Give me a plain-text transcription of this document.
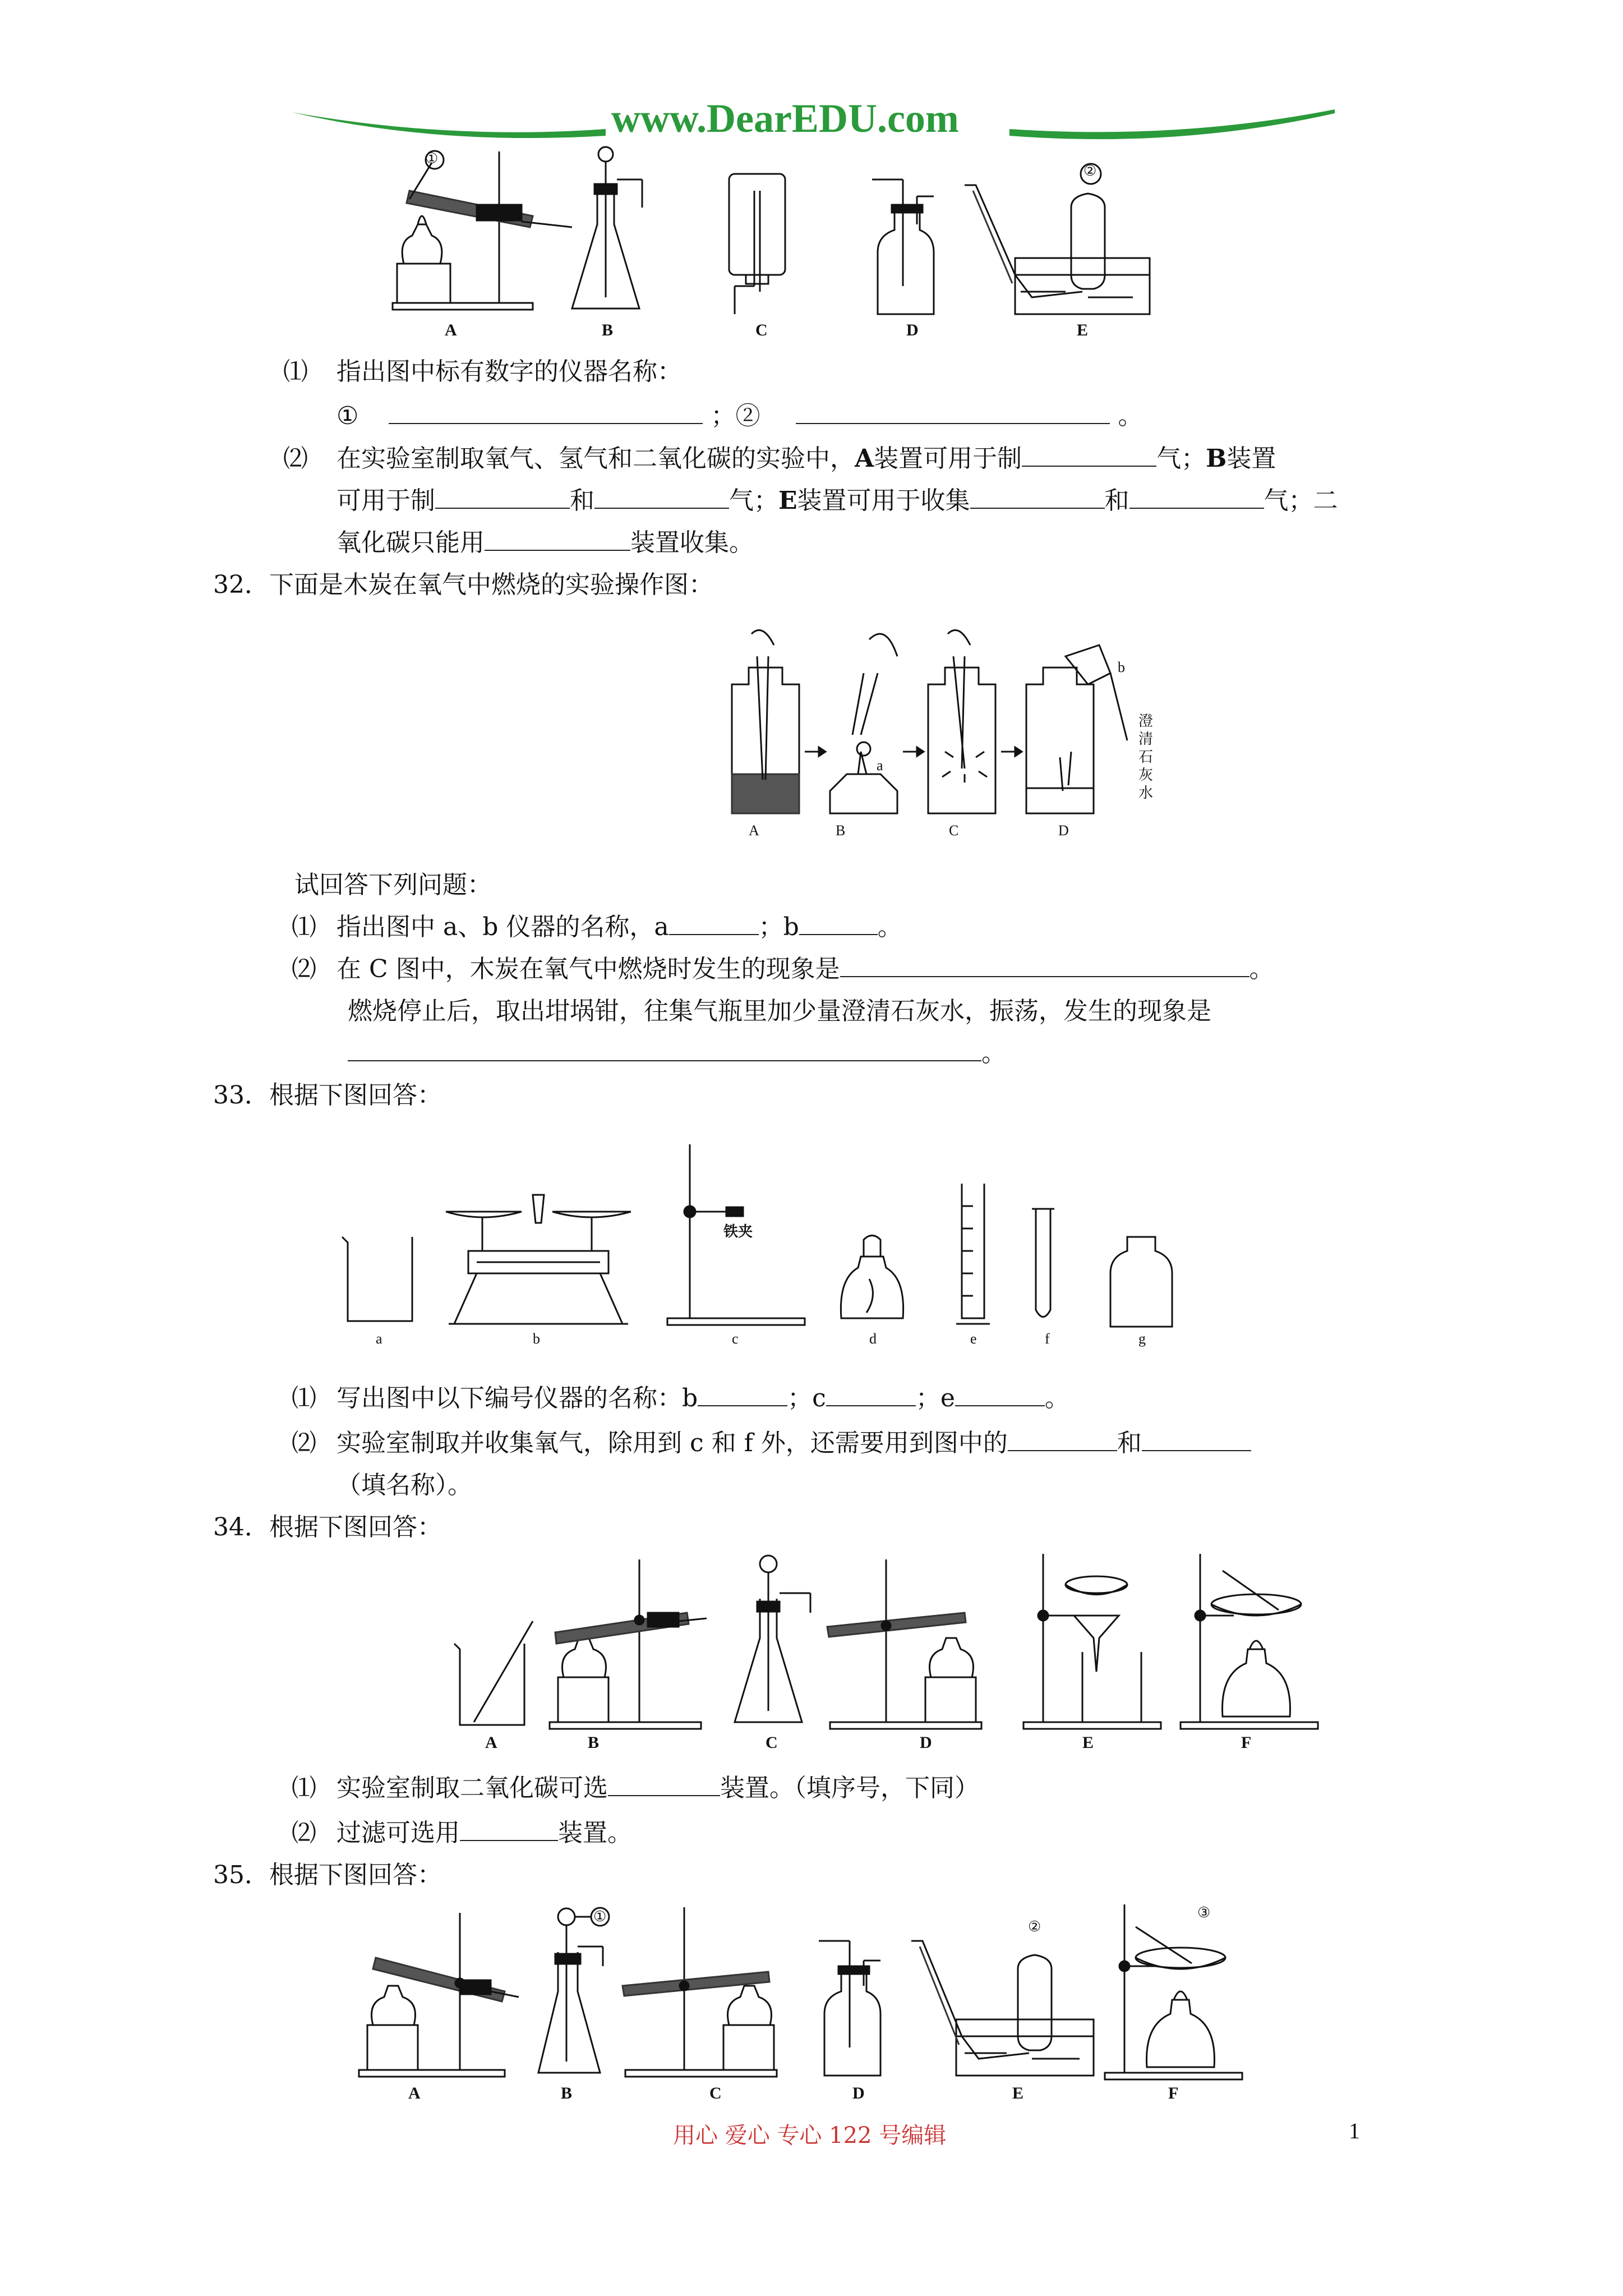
www.DearEDU.com
①
②
A	B	C	D	E
⑴ 指出图中标有数字的仪器名称：
①	；②	。
⑵ 在实验室制取氧气、氢气和二氧化碳的实验中，A装置可用于制	气；B装置
可用于制	和	气；E装置可用于收集	和	气；二
氧化碳只能用	装置收集。
32．下面是木炭在氧气中燃烧的实验操作图：
a
b
澄
清
石
灰
水
A	B	C	D
试回答下列问题：
⑴ 指出图中 a、b 仪器的名称，a	；b	。
⑵ 在 C 图中，木炭在氧气中燃烧时发生的现象是	。
燃烧停止后，取出坩埚钳，往集气瓶里加少量澄清石灰水，振荡，发生的现象是
。
33．根据下图回答：
铁夹
a	b	c	d	e	f	g
⑴ 写出图中以下编号仪器的名称：b	；c	；e	。
⑵ 实验室制取并收集氧气，除用到 c 和 f 外，还需要用到图中的	和
（填名称）。
34．根据下图回答：
A	B	C	D	E	F
⑴ 实验室制取二氧化碳可选	装置。（填序号，下同）
⑵ 过滤可选用	装置。
35．根据下图回答：
①
②
③
A	B	C	D	E	F
用心 爱心 专心 122 号编辑	1
